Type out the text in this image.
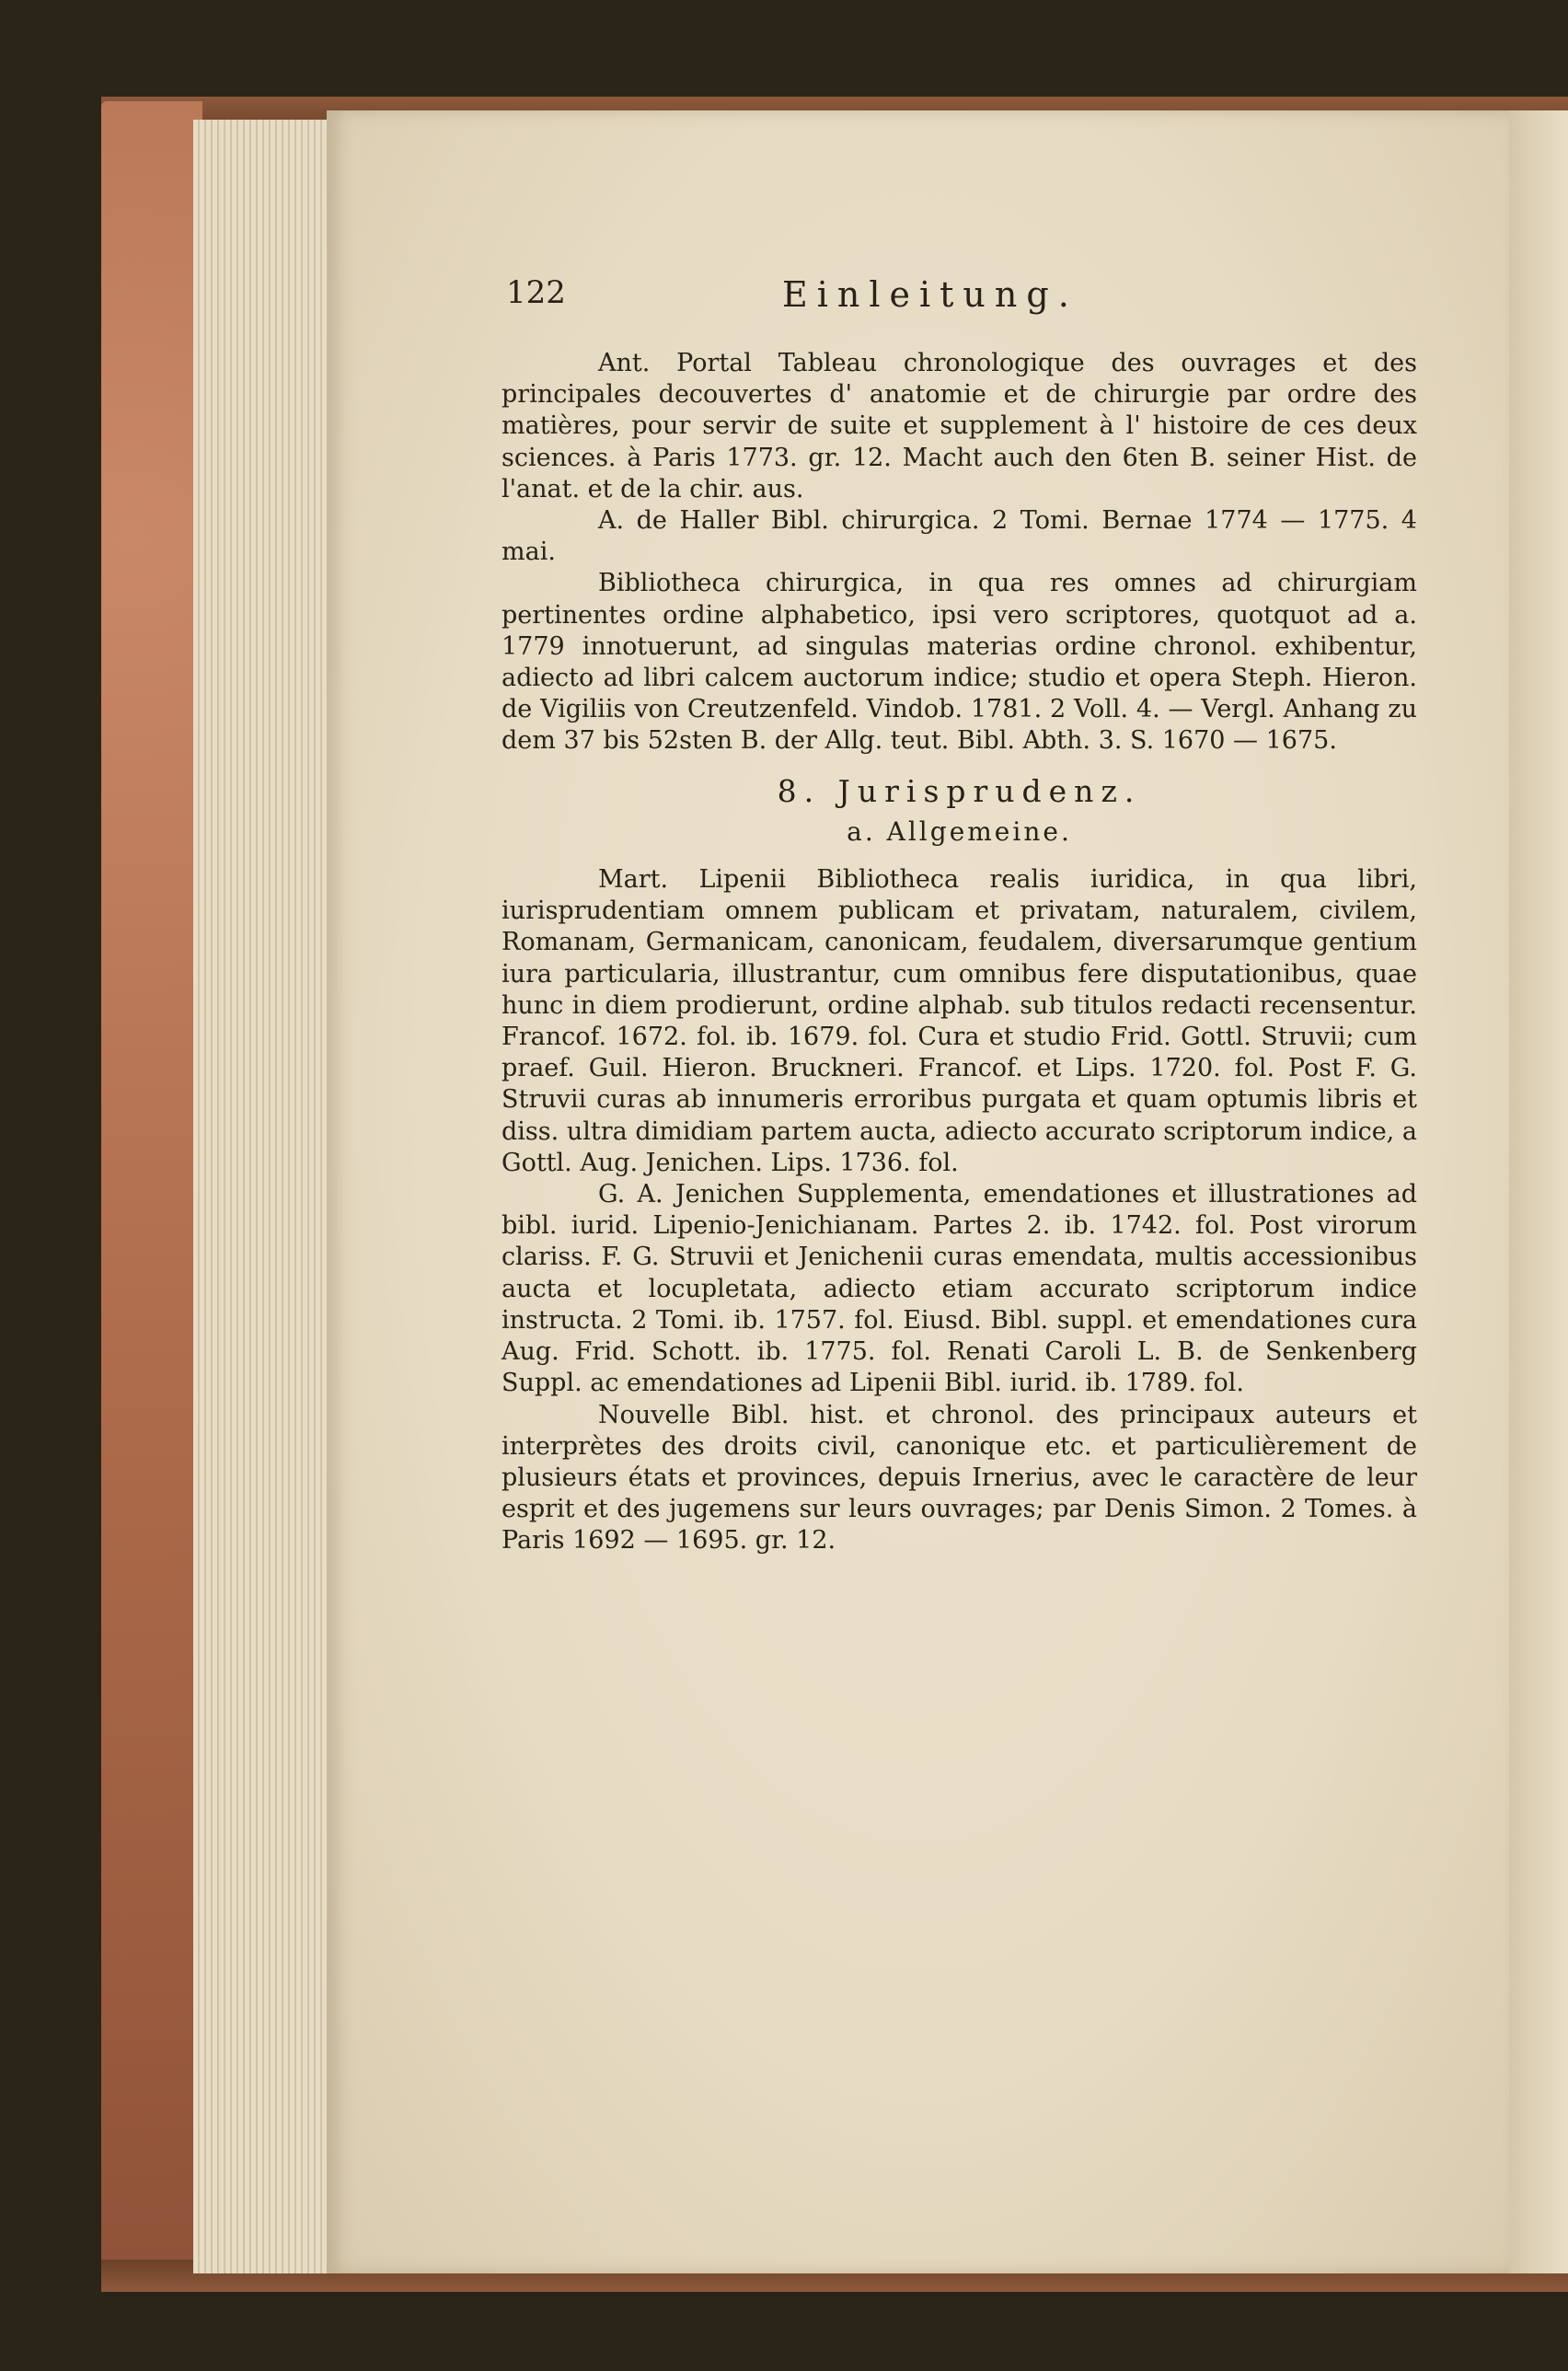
122	Einleitung.

Ant. Portal Tableau chronologique des ouvrages et des principales decouvertes d' anatomie et de chirurgie par ordre des matières, pour servir de suite et supplement à l' histoire de ces deux sciences. à Paris 1773. gr. 12. Macht auch den 6ten B. seiner Hist. de l'anat. et de la chir. aus.

A. de Haller Bibl. chirurgica. 2 Tomi. Bernae 1774 — 1775. 4 mai.

Bibliotheca chirurgica, in qua res omnes ad chirurgiam pertinentes ordine alphabetico, ipsi vero scriptores, quotquot ad a. 1779 innotuerunt, ad singulas materias ordine chronol. exhibentur, adiecto ad libri calcem auctorum indice; studio et opera Steph. Hieron. de Vigiliis von Creutzenfeld. Vindob. 1781. 2 Voll. 4. — Vergl. Anhang zu dem 37 bis 52sten B. der Allg. teut. Bibl. Abth. 3. S. 1670 — 1675.

8. Jurisprudenz.
a. Allgemeine.

Mart. Lipenii Bibliotheca realis iuridica, in qua libri, iurisprudentiam omnem publicam et privatam, naturalem, civilem, Romanam, Germanicam, canonicam, feudalem, diversarumque gentium iura particularia, illustrantur, cum omnibus fere disputationibus, quae hunc in diem prodierunt, ordine alphab. sub titulos redacti recensentur. Francof. 1672. fol. ib. 1679. fol. Cura et studio Frid. Gottl. Struvii; cum praef. Guil. Hieron. Bruckneri. Francof. et Lips. 1720. fol. Post F. G. Struvii curas ab innumeris erroribus purgata et quam optumis libris et diss. ultra dimidiam partem aucta, adiecto accurato scriptorum indice, a Gottl. Aug. Jenichen. Lips. 1736. fol.

G. A. Jenichen Supplementa, emendationes et illustrationes ad bibl. iurid. Lipenio-Jenichianam. Partes 2. ib. 1742. fol. Post virorum clariss. F. G. Struvii et Jenichenii curas emendata, multis accessionibus aucta et locupletata, adiecto etiam accurato scriptorum indice instructa. 2 Tomi. ib. 1757. fol. Eiusd. Bibl. suppl. et emendationes cura Aug. Frid. Schott. ib. 1775. fol. Renati Caroli L. B. de Senkenberg Suppl. ac emendationes ad Lipenii Bibl. iurid. ib. 1789. fol.

Nouvelle Bibl. hist. et chronol. des principaux auteurs et interprètes des droits civil, canonique etc. et particulièrement de plusieurs états et provinces, depuis Irnerius, avec le caractère de leur esprit et des jugemens sur leurs ouvrages; par Denis Simon. 2 Tomes. à Paris 1692 — 1695. gr. 12.
